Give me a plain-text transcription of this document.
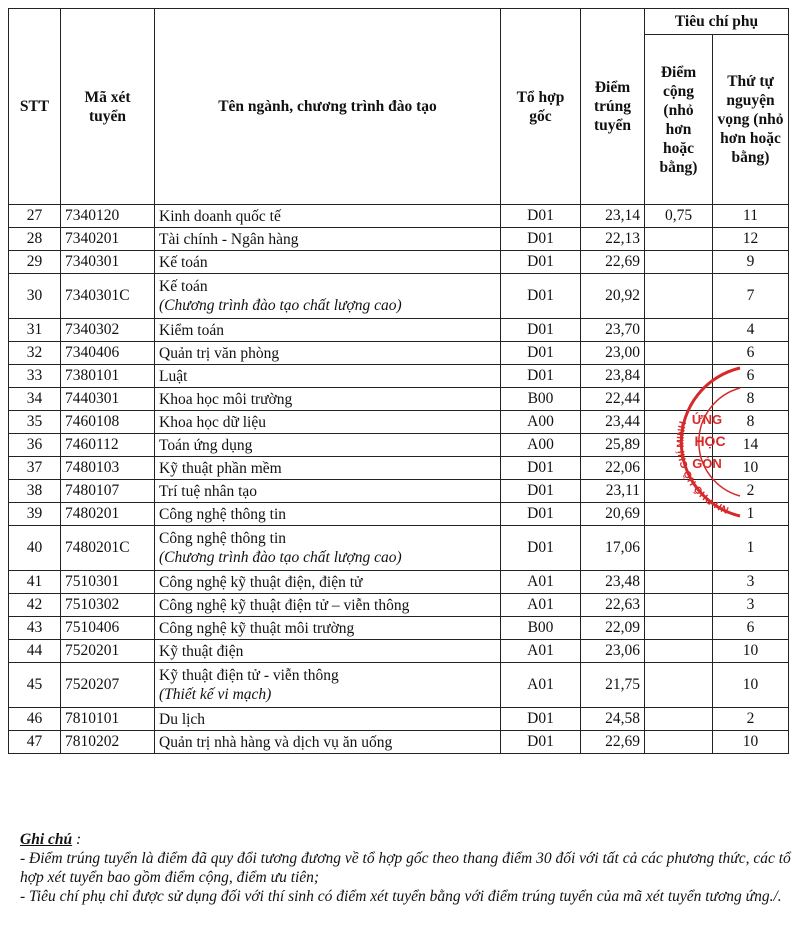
STT	Mã xét tuyển	Tên ngành, chương trình đào tạo	Tổ hợp gốc	Điểm trúng tuyển	Tiêu chí phụ	
					Điểm cộng (nhỏ hơn hoặc bằng)	Thứ tự nguyện vọng (nhỏ hơn hoặc bằng)
27	7340120	Kinh doanh quốc tế	D01	23,14	0,75	11
28	7340201	Tài chính - Ngân hàng	D01	22,13		12
29	7340301	Kế toán	D01	22,69		9
30	7340301C	Kế toán
(Chương trình đào tạo chất lượng cao)	D01	20,92		7
31	7340302	Kiểm toán	D01	23,70		4
32	7340406	Quản trị văn phòng	D01	23,00		6
33	7380101	Luật	D01	23,84		6
34	7440301	Khoa học môi trường	B00	22,44		8
35	7460108	Khoa học dữ liệu	A00	23,44		8
36	7460112	Toán ứng dụng	A00	25,89		14
37	7480103	Kỹ thuật phần mềm	D01	22,06		10
38	7480107	Trí tuệ nhân tạo	D01	23,11		2
39	7480201	Công nghệ thông tin	D01	20,69		1
40	7480201C	Công nghệ thông tin
(Chương trình đào tạo chất lượng cao)	D01	17,06		1
41	7510301	Công nghệ kỹ thuật điện, điện tử	A01	23,48		3
42	7510302	Công nghệ kỹ thuật điện tử – viễn thông	A01	22,63		3
43	7510406	Công nghệ kỹ thuật môi trường	B00	22,09		6
44	7520201	Kỹ thuật điện	A01	23,06		10
45	7520207	Kỹ thuật điện tử - viễn thông
(Thiết kế vi mạch)	A01	21,75		10
46	7810101	Du lịch	D01	24,58		2
47	7810202	Quản trị nhà hàng và dịch vụ ăn uống	D01	22,69		10
NH PHỐ HỒ CHÍ MINH ỨNG
HỌC
GÒN

Ghi chú :

- Điểm trúng tuyển là điểm đã quy đổi tương đương về tổ hợp gốc theo thang điểm 30 đối với tất cả các phương thức, các tổ hợp xét tuyển bao gồm điểm cộng, điểm ưu tiên;

- Tiêu chí phụ chỉ được sử dụng đối với thí sinh có điểm xét tuyển bằng với điểm trúng tuyển của mã xét tuyển tương ứng./.
